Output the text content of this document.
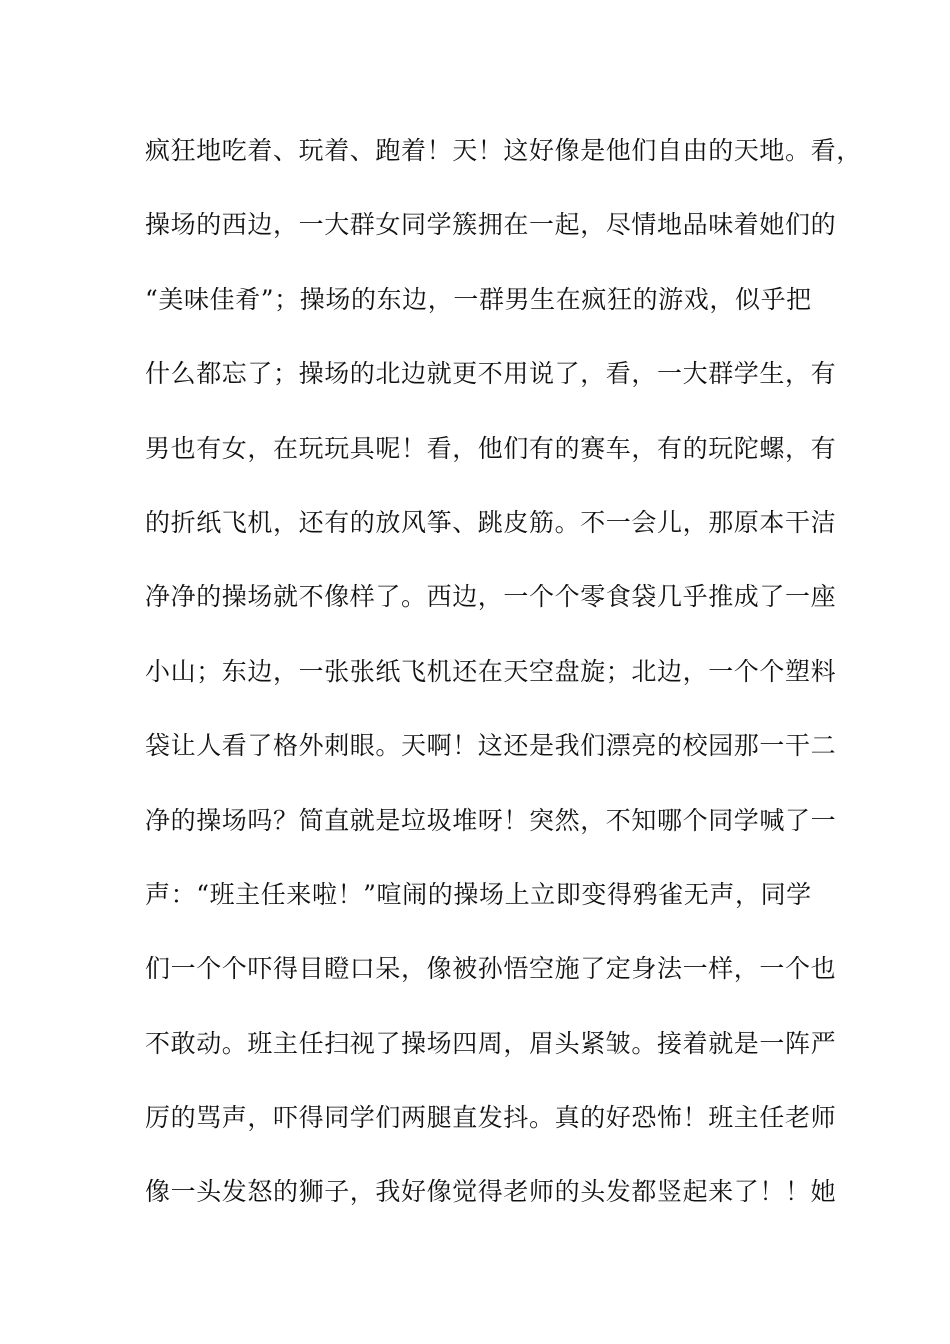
疯狂地吃着、玩着、跑着！天！这好像是他们自由的天地。看，
操场的西边，一大群女同学簇拥在一起，尽情地品味着她们的
“美味佳肴”；操场的东边，一群男生在疯狂的游戏，似乎把
什么都忘了；操场的北边就更不用说了，看，一大群学生，有
男也有女，在玩玩具呢！看，他们有的赛车，有的玩陀螺，有
的折纸飞机，还有的放风筝、跳皮筋。不一会儿，那原本干洁
净净的操场就不像样了。西边，一个个零食袋几乎推成了一座
小山；东边，一张张纸飞机还在天空盘旋；北边，一个个塑料
袋让人看了格外刺眼。天啊！这还是我们漂亮的校园那一干二
净的操场吗？简直就是垃圾堆呀！突然，不知哪个同学喊了一
声：“班主任来啦！”喧闹的操场上立即变得鸦雀无声，同学
们一个个吓得目瞪口呆，像被孙悟空施了定身法一样，一个也
不敢动。班主任扫视了操场四周，眉头紧皱。接着就是一阵严
厉的骂声，吓得同学们两腿直发抖。真的好恐怖！班主任老师
像一头发怒的狮子，我好像觉得老师的头发都竖起来了！！她
